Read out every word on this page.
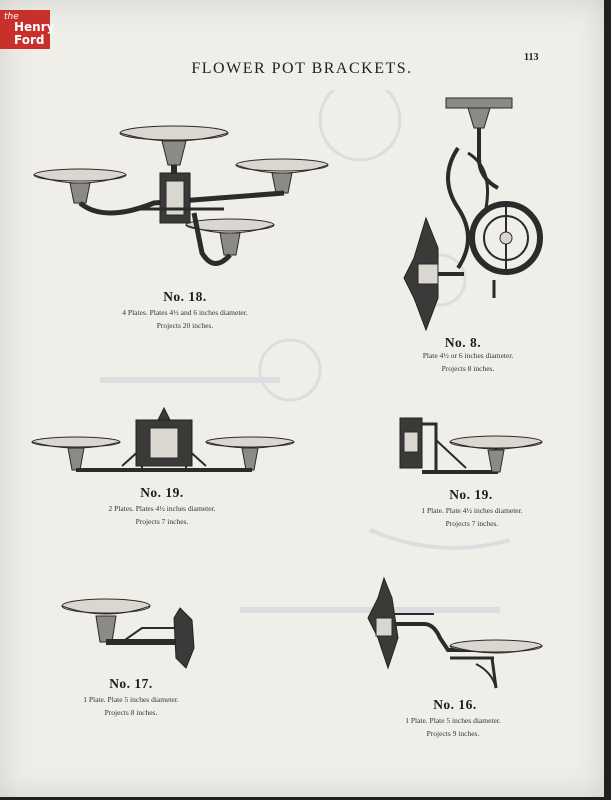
the
Henry
Ford
FLOWER POT BRACKETS.
113
No. 18.
4 Plates. Plates 4½ and 6 inches diameter.
Projects 20 inches.
No. 8.
Plate 4½ or 6 inches diameter.
Projects 8 inches.
No. 19.
2 Plates. Plates 4½ inches diameter.
Projects 7 inches.
No. 19.
1 Plate. Plate 4½ inches diameter.
Projects 7 inches.
No. 17.
1 Plate. Plate 5 inches diameter.
Projects 8 inches.
No. 16.
1 Plate. Plate 5 inches diameter.
Projects 9 inches.
